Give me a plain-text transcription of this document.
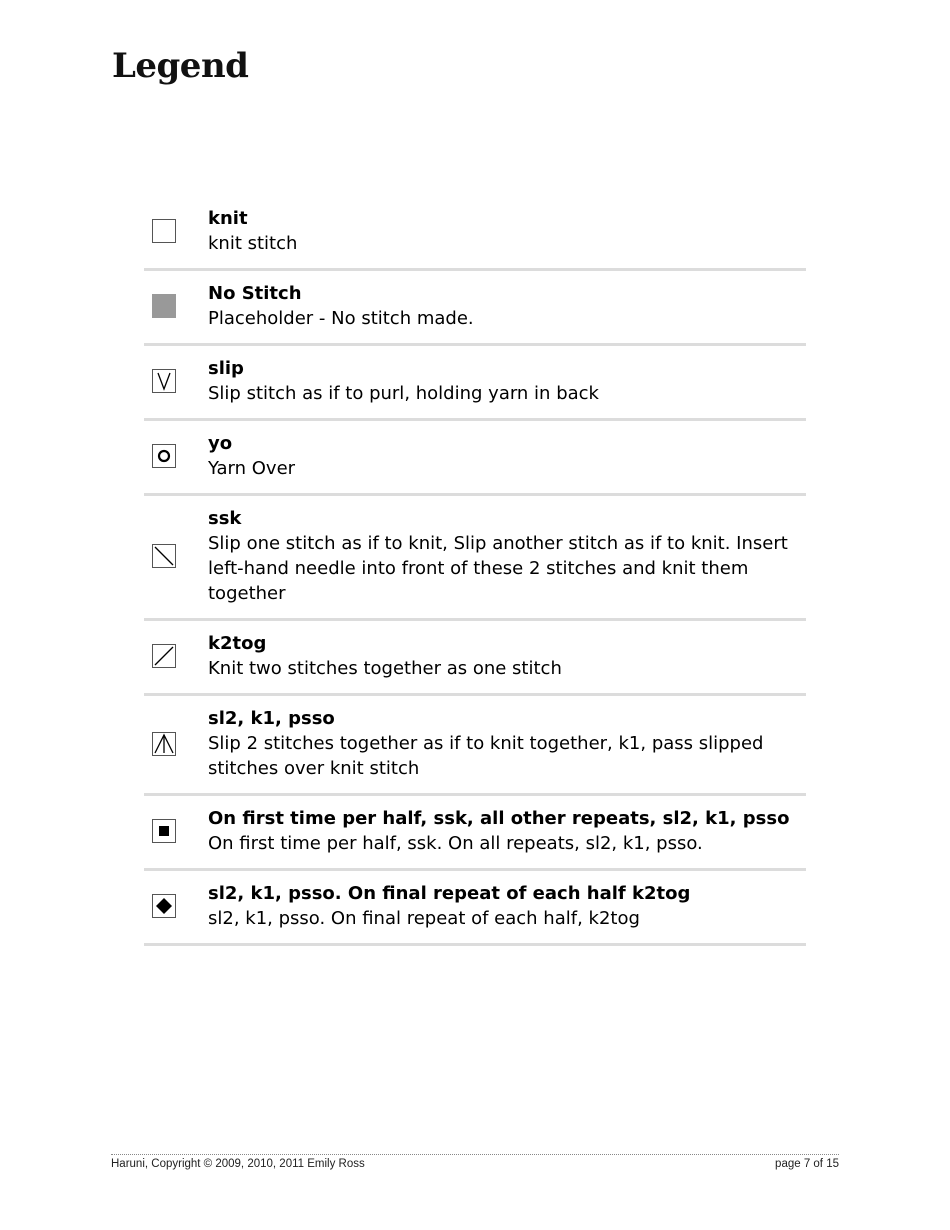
Legend
knit
knit stitch
No Stitch
Placeholder - No stitch made.
slip
Slip stitch as if to purl, holding yarn in back
yo
Yarn Over
ssk
Slip one stitch as if to knit, Slip another stitch as if to knit. Insert left-hand needle into front of these 2 stitches and knit them together
k2tog
Knit two stitches together as one stitch
sl2, k1, psso
Slip 2 stitches together as if to knit together, k1, pass slipped stitches over knit stitch
On first time per half, ssk, all other repeats, sl2, k1, psso
On first time per half, ssk. On all repeats, sl2, k1, psso.
sl2, k1, psso. On final repeat of each half k2tog
sl2, k1, psso. On final repeat of each half, k2tog
Haruni, Copyright © 2009, 2010, 2011 Emily Ross	page 7 of 15
